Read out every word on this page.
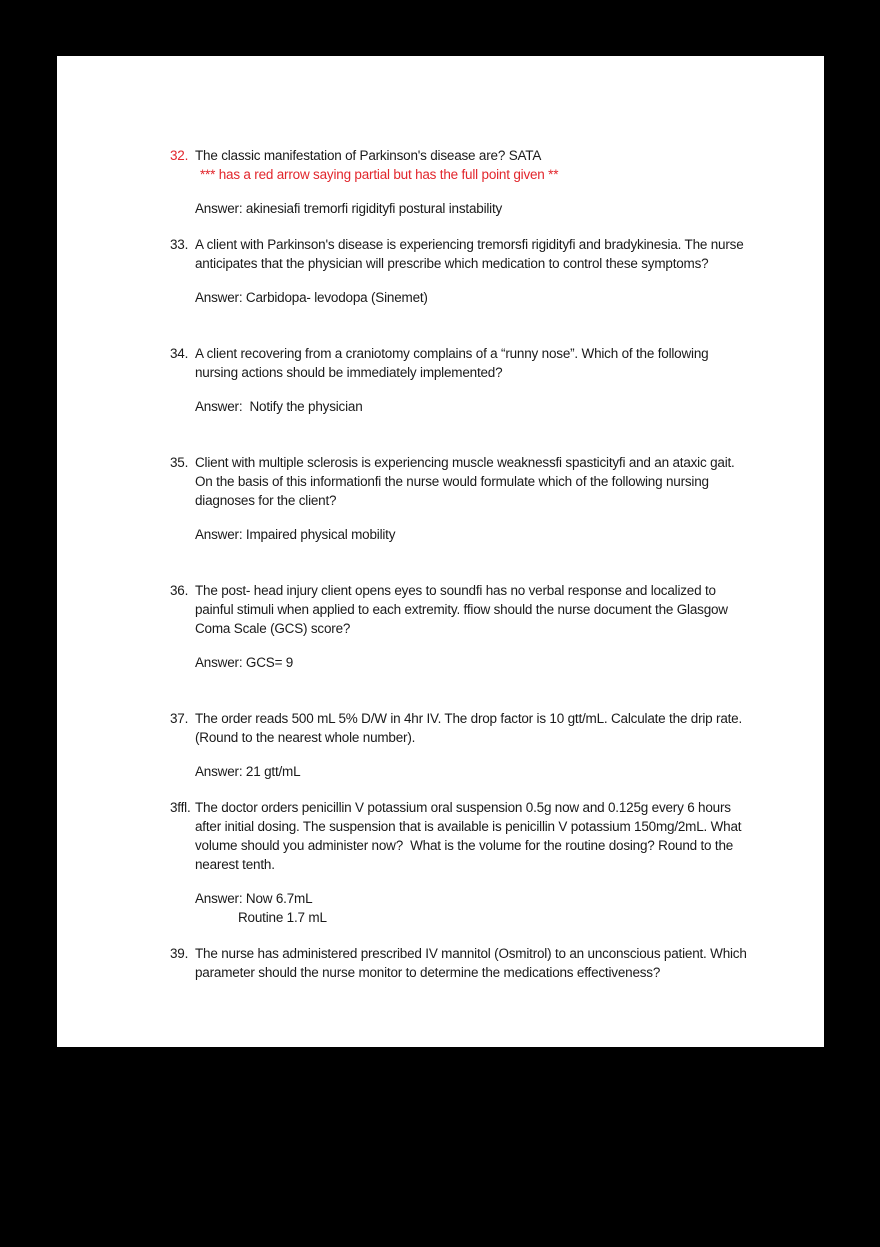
32. The classic manifestation of Parkinson's disease are? SATA
*** has a red arrow saying partial but has the full point given **
Answer: akinesiafi tremorfi rigidityfi postural instability
33. A client with Parkinson's disease is experiencing tremorsfi rigidityfi and bradykinesia. The nurse anticipates that the physician will prescribe which medication to control these symptoms?
Answer: Carbidopa- levodopa (Sinemet)
34. A client recovering from a craniotomy complains of a “runny nose”. Which of the following nursing actions should be immediately implemented?
Answer:  Notify the physician
35. Client with multiple sclerosis is experiencing muscle weaknessfi spasticityfi and an ataxic gait. On the basis of this informationfi the nurse would formulate which of the following nursing diagnoses for the client?
Answer: Impaired physical mobility
36. The post- head injury client opens eyes to soundfi has no verbal response and localized to painful stimuli when applied to each extremity. ffiow should the nurse document the Glasgow Coma Scale (GCS) score?
Answer: GCS= 9
37. The order reads 500 mL 5% D/W in 4hr IV. The drop factor is 10 gtt/mL. Calculate the drip rate. (Round to the nearest whole number).
Answer: 21 gtt/mL
3ffl. The doctor orders penicillin V potassium oral suspension 0.5g now and 0.125g every 6 hours after initial dosing. The suspension that is available is penicillin V potassium 150mg/2mL. What volume should you administer now?  What is the volume for the routine dosing? Round to the nearest tenth.
Answer: Now 6.7mL
Routine 1.7 mL
39. The nurse has administered prescribed IV mannitol (Osmitrol) to an unconscious patient. Which parameter should the nurse monitor to determine the medications effectiveness?
